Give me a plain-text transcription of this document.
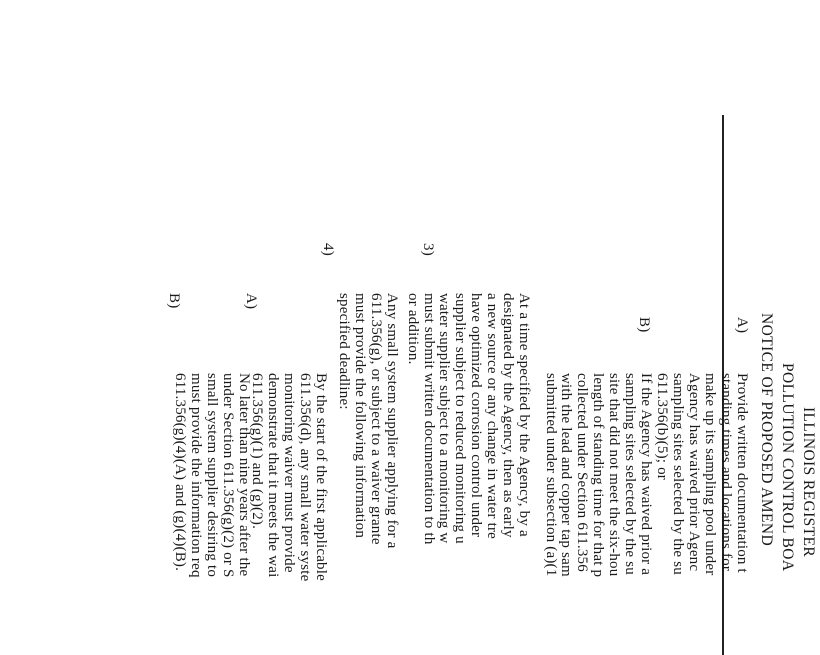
ILLINOIS REGISTER
POLLUTION CONTROL BOA
NOTICE OF PROPOSED AMEND
A)
Provide written documentation t
standing times and locations for
make up its sampling pool under
Agency has waived prior Agenc
sampling sites selected by the su
611.356(b)(5); or
B)
If the Agency has waived prior a
sampling sites selected by the su
site that did not meet the six-hou
length of standing time for that p
collected under Section 611.356
with the lead and copper tap sam
submitted under subsection (a)(1
3)
At a time specified by the Agency, by a
designated by the Agency, then as early
a new source or any change in water tre
have optimized corrosion control under
supplier subject to reduced monitoring u
water supplier subject to a monitoring w
must submit written documentation to th
or addition.
4)
Any small system supplier applying for a
611.356(g), or subject to a waiver grante
must provide the following information
specified deadline:
A)
By the start of the first applicable
611.356(d), any small water syste
monitoring waiver must provide
demonstrate that it meets the wai
611.356(g)(1) and (g)(2).
B)
No later than nine years after the
under Section 611.356(g)(2) or S
small system supplier desiring to
must provide the information req
611.356(g)(4)(A) and (g)(4)(B).
